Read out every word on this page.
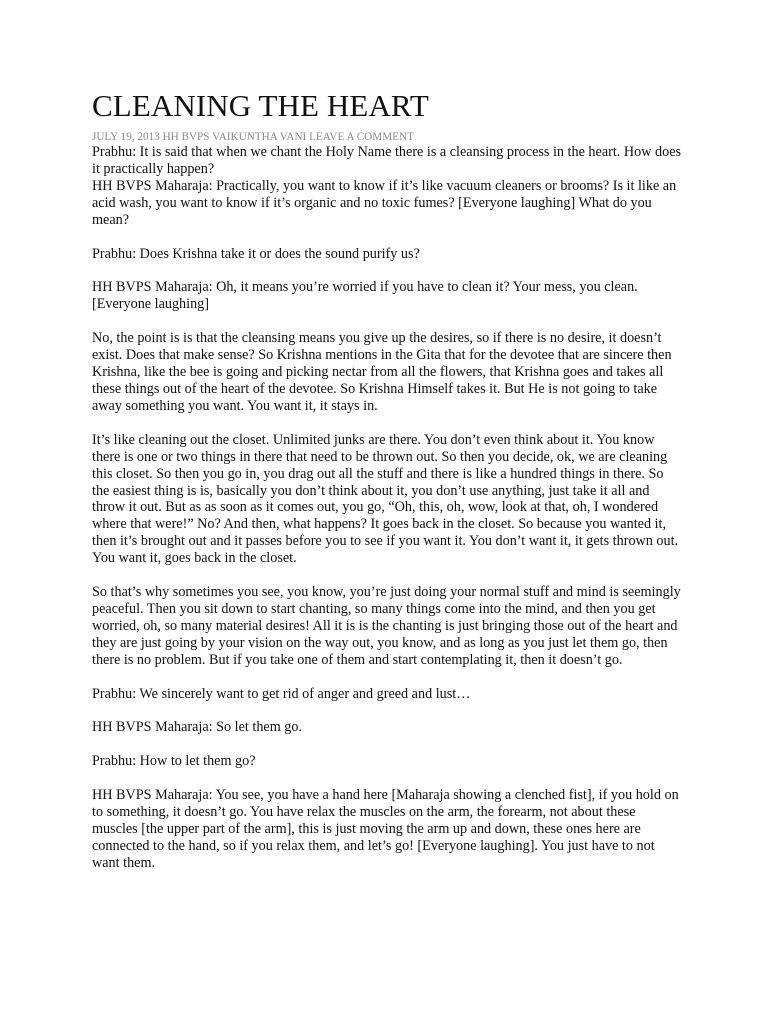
CLEANING THE HEART
JULY 19, 2013 HH BVPS VAIKUNTHA VANI LEAVE A COMMENT

Prabhu: It is said that when we chant the Holy Name there is a cleansing process in the heart. How does it practically happen?

HH BVPS Maharaja: Practically, you want to know if it’s like vacuum cleaners or brooms? Is it like an acid wash, you want to know if it’s organic and no toxic fumes? [Everyone laughing] What do you mean?

Prabhu: Does Krishna take it or does the sound purify us?

HH BVPS Maharaja: Oh, it means you’re worried if you have to clean it? Your mess, you clean. [Everyone laughing]

No, the point is is that the cleansing means you give up the desires, so if there is no desire, it doesn’t exist. Does that make sense? So Krishna mentions in the Gita that for the devotee that are sincere then Krishna, like the bee is going and picking nectar from all the flowers, that Krishna goes and takes all these things out of the heart of the devotee. So Krishna Himself takes it. But He is not going to take away something you want. You want it, it stays in.

It’s like cleaning out the closet. Unlimited junks are there. You don’t even think about it. You know there is one or two things in there that need to be thrown out. So then you decide, ok, we are cleaning this closet. So then you go in, you drag out all the stuff and there is like a hundred things in there. So the easiest thing is is, basically you don’t think about it, you don’t use anything, just take it all and throw it out. But as as soon as it comes out, you go, “Oh, this, oh, wow, look at that, oh, I wondered where that were!” No? And then, what happens? It goes back in the closet. So because you wanted it, then it’s brought out and it passes before you to see if you want it. You don’t want it, it gets thrown out. You want it, goes back in the closet.

So that’s why sometimes you see, you know, you’re just doing your normal stuff and mind is seemingly peaceful. Then you sit down to start chanting, so many things come into the mind, and then you get worried, oh, so many material desires! All it is is the chanting is just bringing those out of the heart and they are just going by your vision on the way out, you know, and as long as you just let them go, then there is no problem. But if you take one of them and start contemplating it, then it doesn’t go.

Prabhu: We sincerely want to get rid of anger and greed and lust…

HH BVPS Maharaja: So let them go.

Prabhu: How to let them go?

HH BVPS Maharaja: You see, you have a hand here [Maharaja showing a clenched fist], if you hold on to something, it doesn’t go. You have relax the muscles on the arm, the forearm, not about these muscles [the upper part of the arm], this is just moving the arm up and down, these ones here are connected to the hand, so if you relax them, and let’s go! [Everyone laughing]. You just have to not want them.
